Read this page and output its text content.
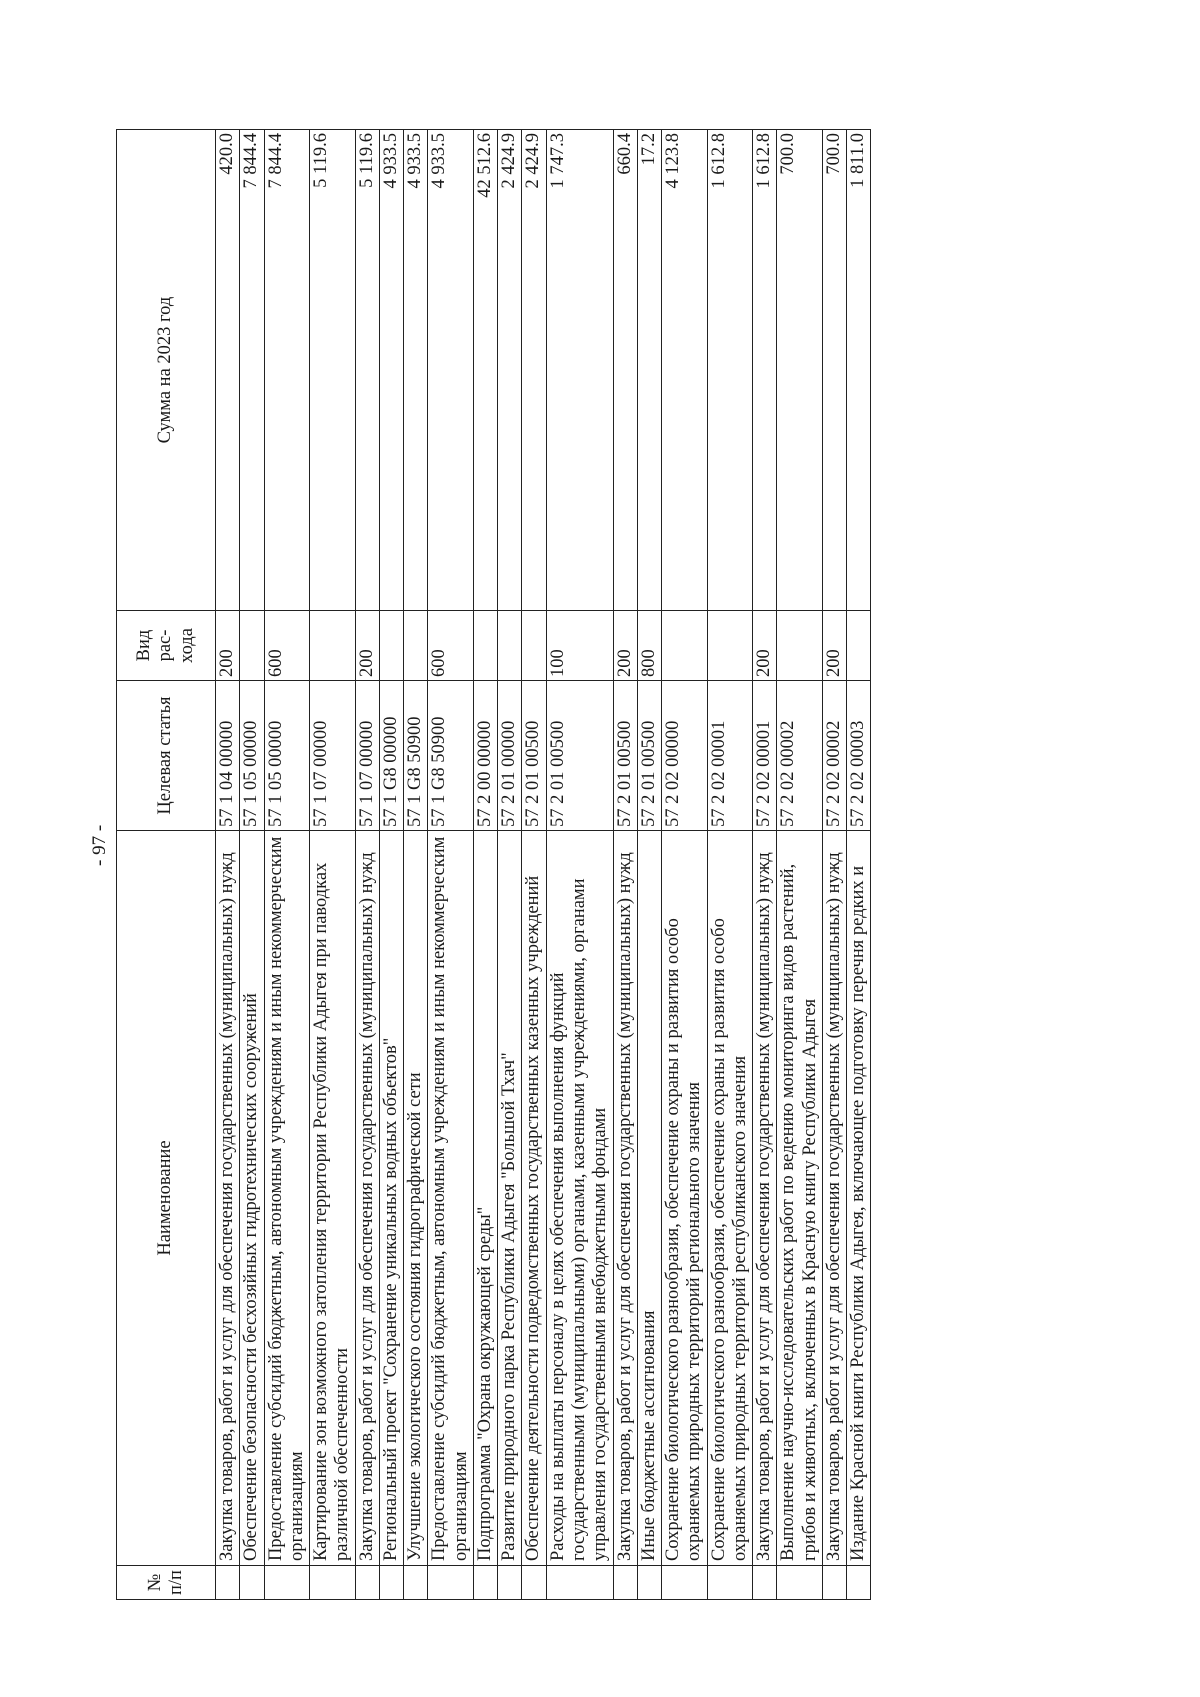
- 97 -
№ п/п	Наименование	Целевая статья	Вид рас-хода	Сумма на 2023 год
	Закупка товаров, работ и услуг для обеспечения государственных (муниципальных) нужд	57 1 04 00000	200	420.0
	Обеспечение безопасности бесхозяйных гидротехнических сооружений	57 1 05 00000		7 844.4
	Предоставление субсидий бюджетным, автономным учреждениям и иным некоммерческим организациям	57 1 05 00000	600	7 844.4
	Картирование зон возможного затопления территории Республики Адыгея при паводках различной обеспеченности	57 1 07 00000		5 119.6
	Закупка товаров, работ и услуг для обеспечения государственных (муниципальных) нужд	57 1 07 00000	200	5 119.6
	Региональный проект "Сохранение уникальных водных объектов"	57 1 G8 00000		4 933.5
	Улучшение экологического состояния гидрографической сети	57 1 G8 50900		4 933.5
	Предоставление субсидий бюджетным, автономным учреждениям и иным некоммерческим организациям	57 1 G8 50900	600	4 933.5
	Подпрограмма "Охрана окружающей среды"	57 2 00 00000		42 512.6
	Развитие природного парка Республики Адыгея "Большой Тхач"	57 2 01 00000		2 424.9
	Обеспечение деятельности подведомственных государственных казенных учреждений	57 2 01 00500		2 424.9
	Расходы на выплаты персоналу в целях обеспечения выполнения функций государственными (муниципальными) органами, казенными учреждениями, органами управления государственными внебюджетными фондами	57 2 01 00500	100	1 747.3
	Закупка товаров, работ и услуг для обеспечения государственных (муниципальных) нужд	57 2 01 00500	200	660.4
	Иные бюджетные ассигнования	57 2 01 00500	800	17.2
	Сохранение биологического разнообразия, обеспечение охраны и развития особо охраняемых природных территорий регионального значения	57 2 02 00000		4 123.8
	Сохранение биологического разнообразия, обеспечение охраны и развития особо охраняемых природных территорий республиканского значения	57 2 02 00001		1 612.8
	Закупка товаров, работ и услуг для обеспечения государственных (муниципальных) нужд	57 2 02 00001	200	1 612.8
	Выполнение научно-исследовательских работ по ведению мониторинга видов растений, грибов и животных, включенных в Красную книгу Республики Адыгея	57 2 02 00002		700.0
	Закупка товаров, работ и услуг для обеспечения государственных (муниципальных) нужд	57 2 02 00002	200	700.0
	Издание Красной книги Республики Адыгея, включающее подготовку перечня редких и	57 2 02 00003		1 811.0
